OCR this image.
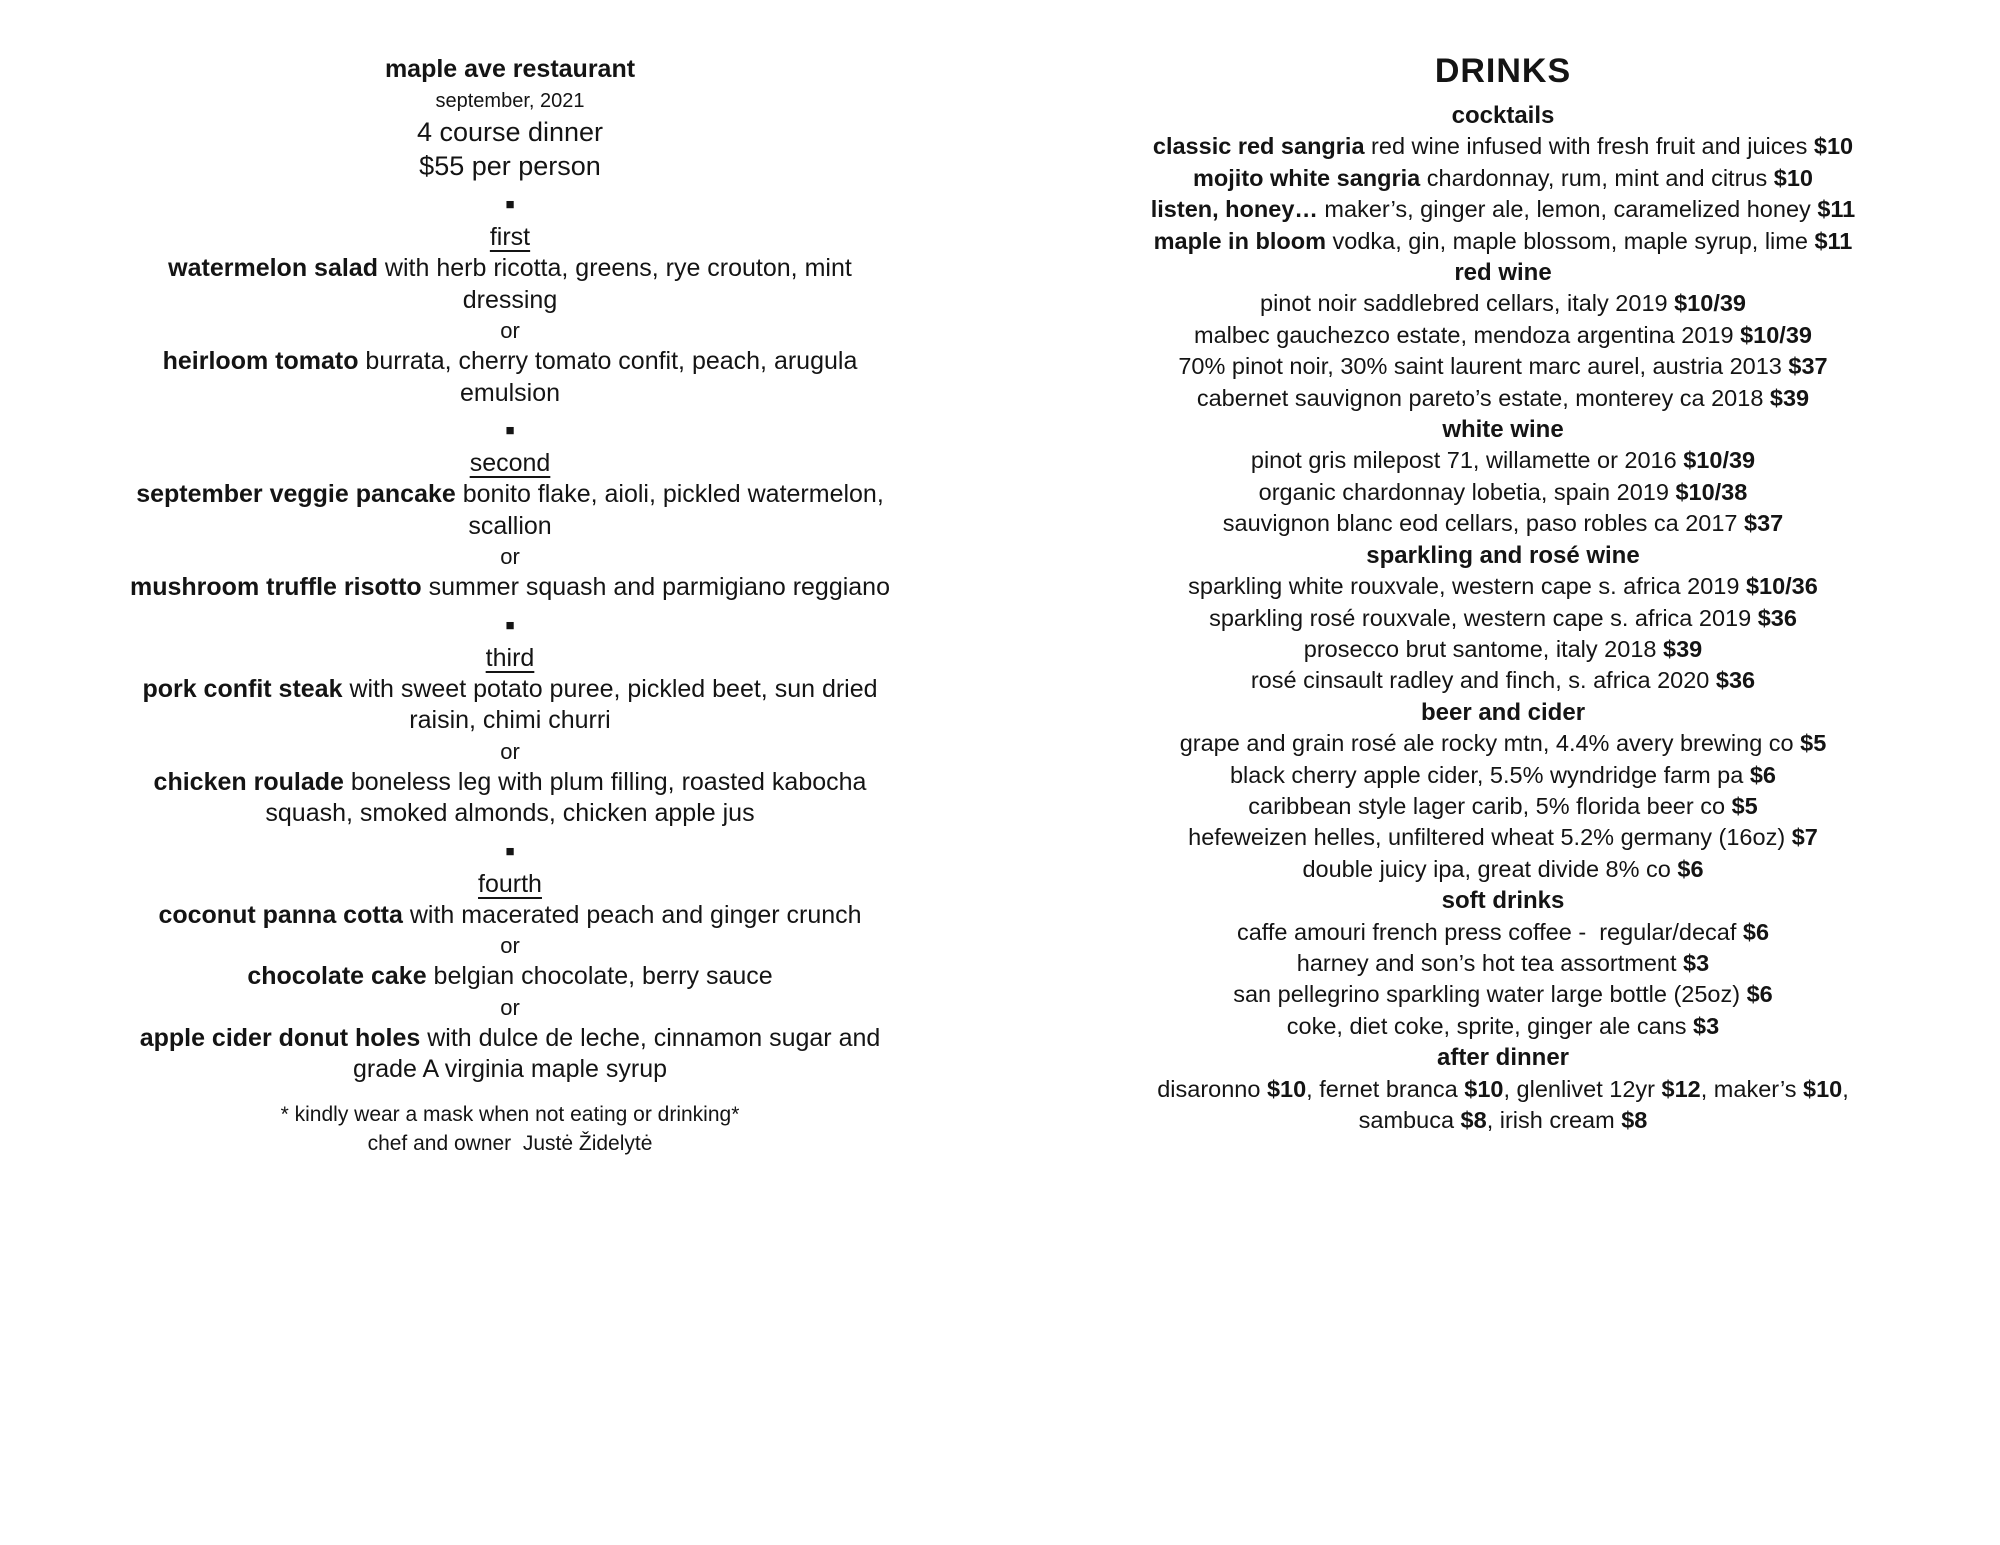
maple ave restaurant
september, 2021
4 course dinner
$55 per person
■
first
watermelon salad with herb ricotta, greens, rye crouton, mint
dressing
or
heirloom tomato burrata, cherry tomato confit, peach, arugula
emulsion
■
second
september veggie pancake bonito flake, aioli, pickled watermelon,
scallion
or
mushroom truffle risotto summer squash and parmigiano reggiano
■
third
pork confit steak with sweet potato puree, pickled beet, sun dried
raisin, chimi churri
or
chicken roulade boneless leg with plum filling, roasted kabocha
squash, smoked almonds, chicken apple jus
■
fourth
coconut panna cotta with macerated peach and ginger crunch
or
chocolate cake belgian chocolate, berry sauce
or
apple cider donut holes with dulce de leche, cinnamon sugar and
grade A virginia maple syrup
* kindly wear a mask when not eating or drinking*
chef and owner  Justė Židelytė
DRINKS
cocktails
classic red sangria red wine infused with fresh fruit and juices $10
mojito white sangria chardonnay, rum, mint and citrus $10
listen, honey… maker’s, ginger ale, lemon, caramelized honey $11
maple in bloom vodka, gin, maple blossom, maple syrup, lime $11
red wine
pinot noir saddlebred cellars, italy 2019 $10/39
malbec gauchezco estate, mendoza argentina 2019 $10/39
70% pinot noir, 30% saint laurent marc aurel, austria 2013 $37
cabernet sauvignon pareto’s estate, monterey ca 2018 $39
white wine
pinot gris milepost 71, willamette or 2016 $10/39
organic chardonnay lobetia, spain 2019 $10/38
sauvignon blanc eod cellars, paso robles ca 2017 $37
sparkling and rosé wine
sparkling white rouxvale, western cape s. africa 2019 $10/36
sparkling rosé rouxvale, western cape s. africa 2019 $36
prosecco brut santome, italy 2018 $39
rosé cinsault radley and finch, s. africa 2020 $36
beer and cider
grape and grain rosé ale rocky mtn, 4.4% avery brewing co $5
black cherry apple cider, 5.5% wyndridge farm pa $6
caribbean style lager carib, 5% florida beer co $5
hefeweizen helles, unfiltered wheat 5.2% germany (16oz) $7
double juicy ipa, great divide 8% co $6
soft drinks
caffe amouri french press coffee -  regular/decaf $6
harney and son’s hot tea assortment $3
san pellegrino sparkling water large bottle (25oz) $6
coke, diet coke, sprite, ginger ale cans $3
after dinner
disaronno $10, fernet branca $10, glenlivet 12yr $12, maker’s $10,
sambuca $8, irish cream $8
